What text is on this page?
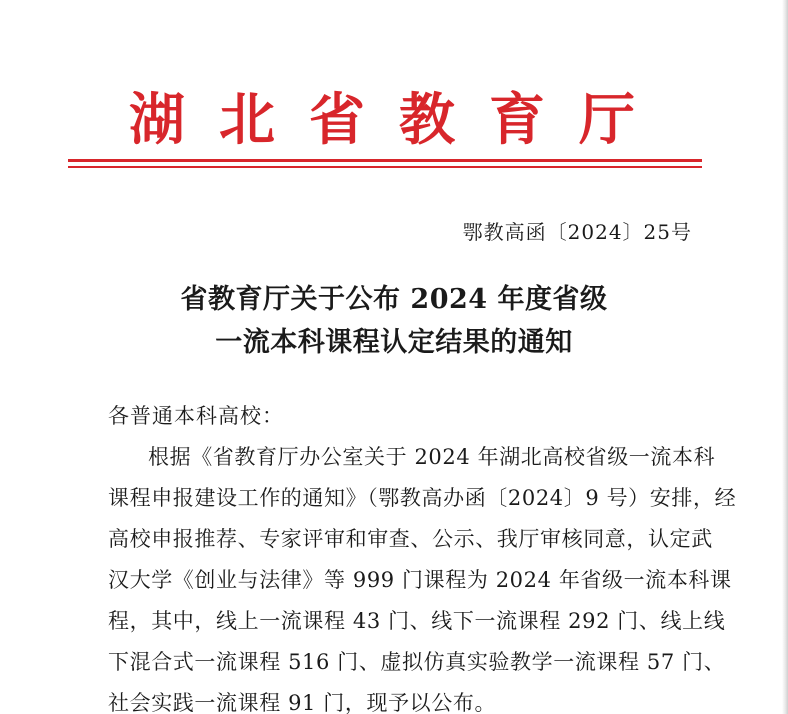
湖 北 省 教 育 厅
鄂教高函〔2024〕25号
省教育厅关于公布 2024 年度省级
一流本科课程认定结果的通知
各普通本科高校：
根据《省教育厅办公室关于 2024 年湖北高校省级一流本科
课程申报建设工作的通知》（鄂教高办函〔2024〕9 号）安排，经
高校申报推荐、专家评审和审查、公示、我厅审核同意，认定武
汉大学《创业与法律》等 999 门课程为 2024 年省级一流本科课
程，其中，线上一流课程 43 门、线下一流课程 292 门、线上线
下混合式一流课程 516 门、虚拟仿真实验教学一流课程 57 门、
社会实践一流课程 91 门，现予以公布。
